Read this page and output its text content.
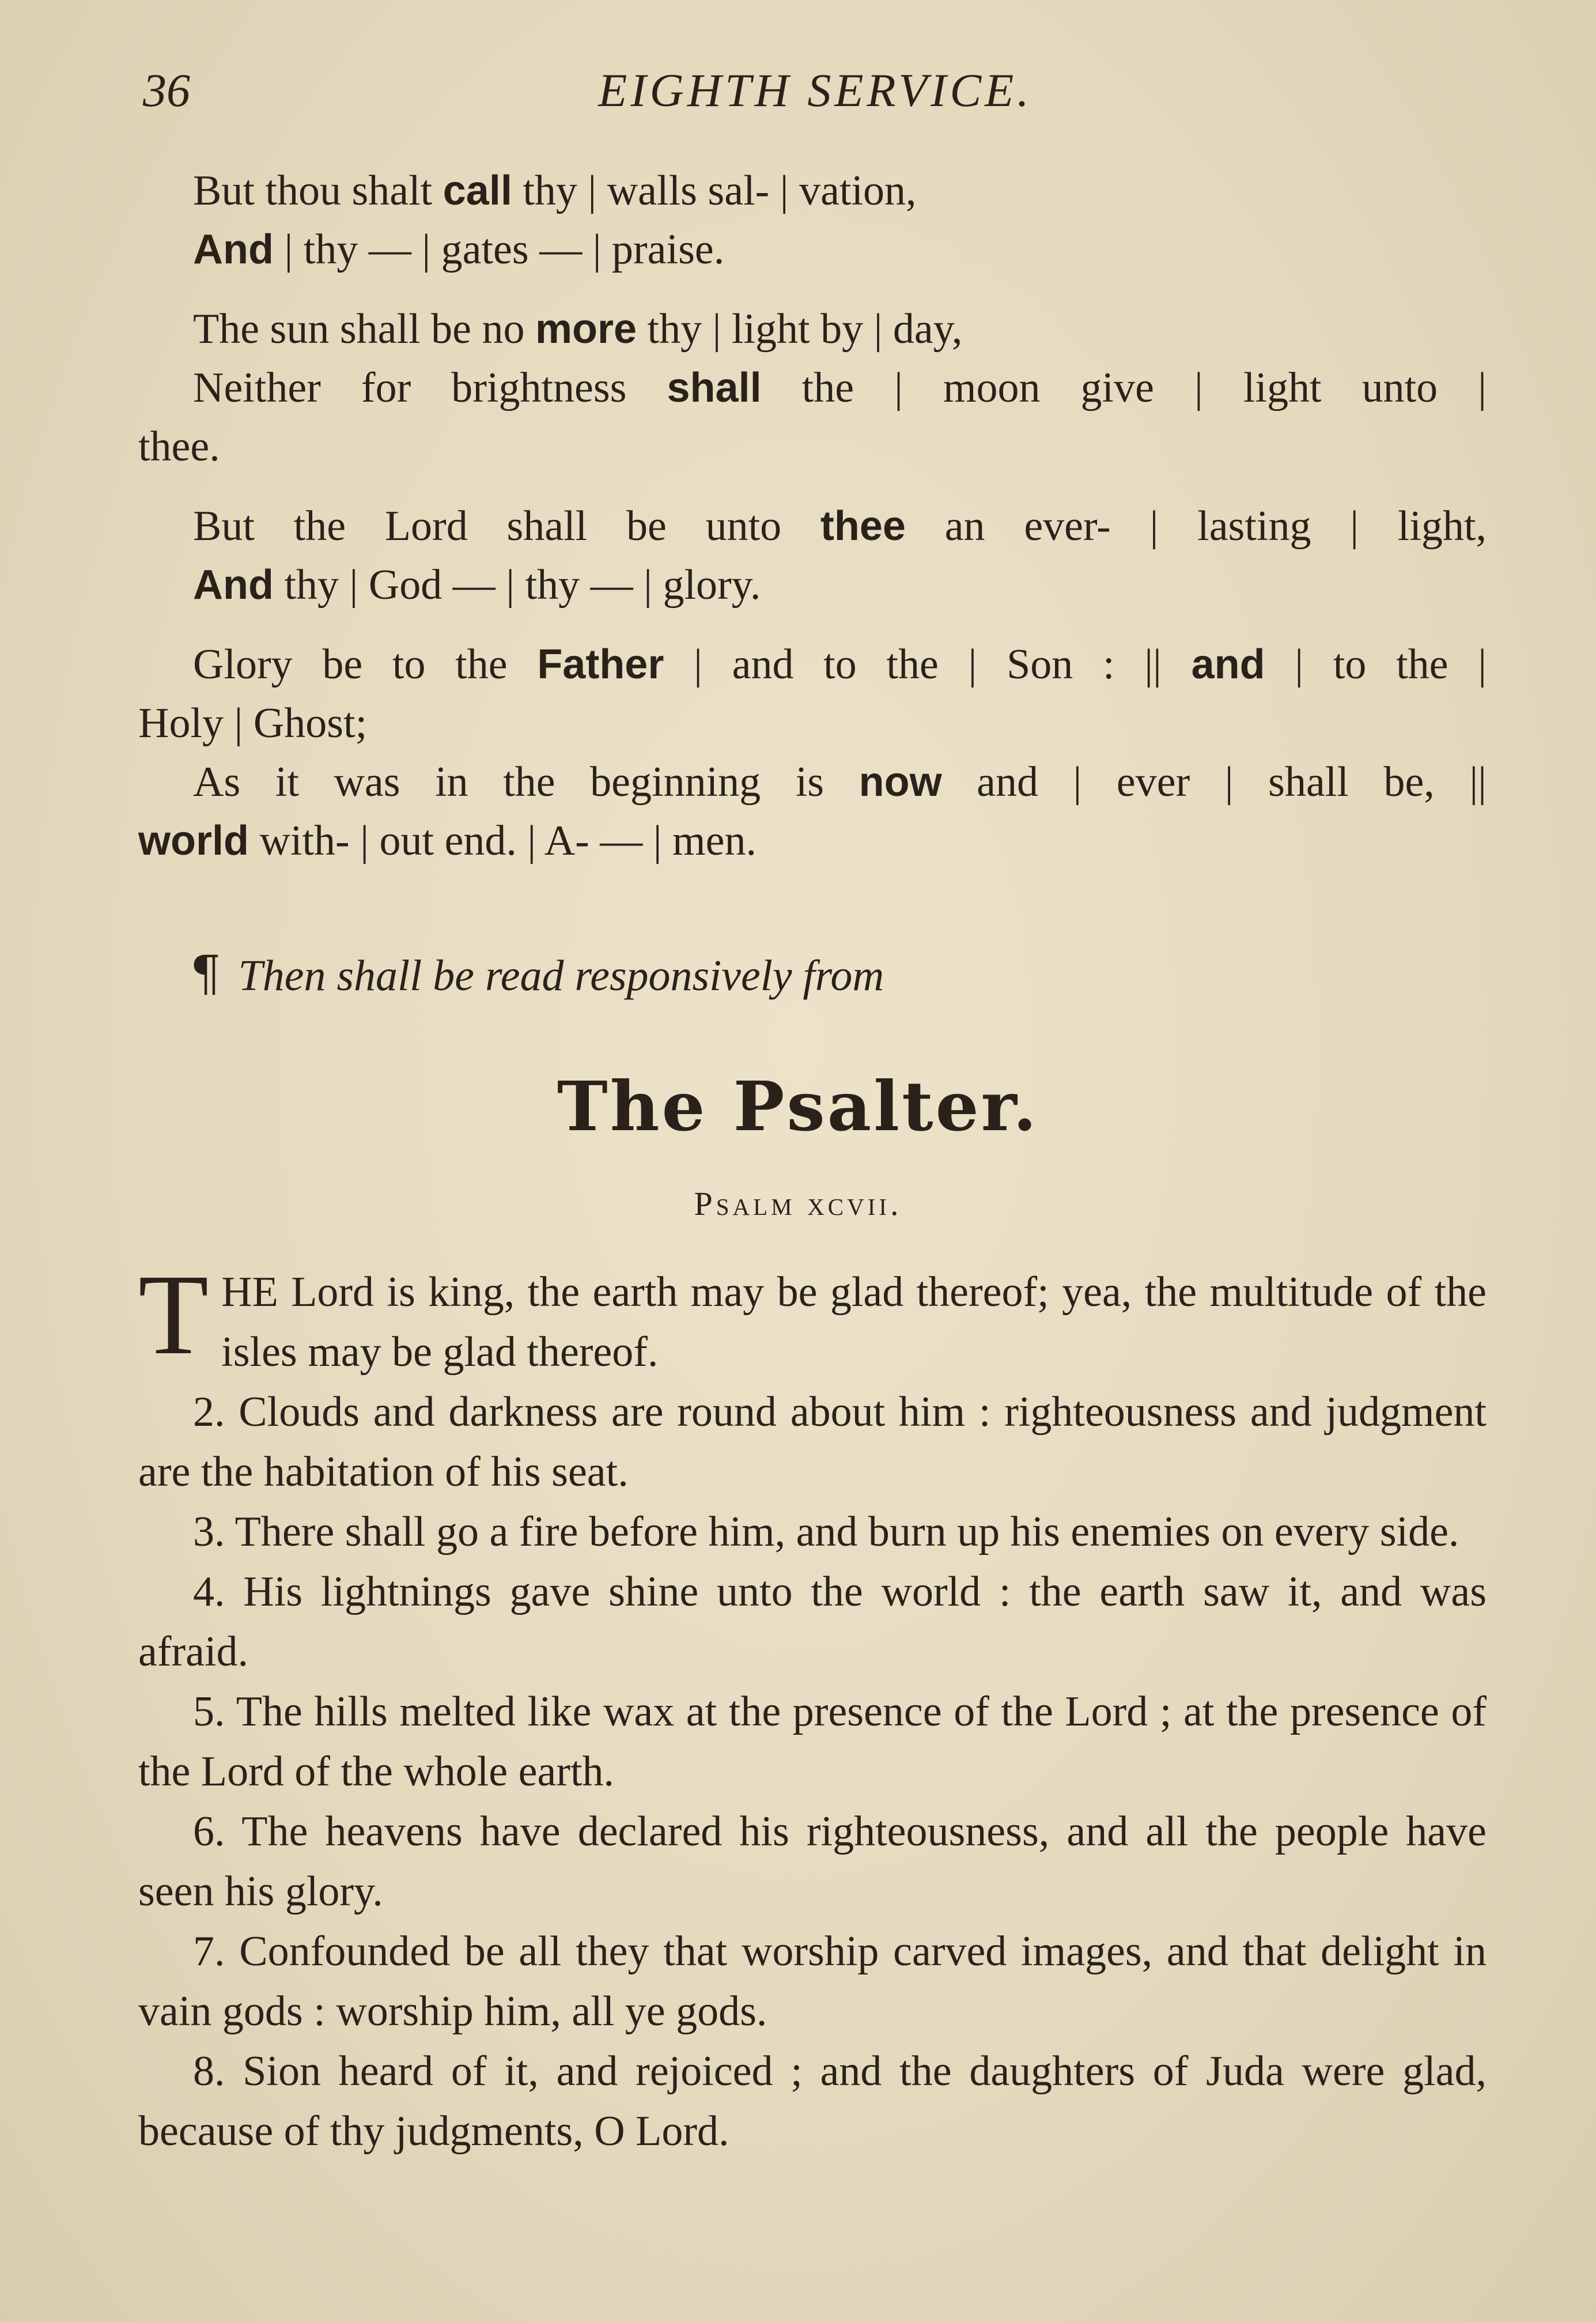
36	EIGHTH SERVICE.
But thou shalt call thy | walls sal- | vation,
And | thy — | gates — | praise.
The sun shall be no more thy | light by | day,
Neither for brightness shall the | moon give | light unto |
thee.
But the Lord shall be unto thee an ever- | lasting | light,
And thy | God — | thy — | glory.
Glory be to the Father | and to the | Son : || and | to the |
Holy | Ghost;
As it was in the beginning is now and | ever | shall be, ||
world with- | out end. | A- — | men.
¶ Then shall be read responsively from
The Psalter.
Psalm xcvii.
THE Lord is king, the earth may be glad thereof; yea, the multitude of the isles may be glad thereof.
2. Clouds and darkness are round about him : righteousness and judgment are the habitation of his seat.
3. There shall go a fire before him, and burn up his enemies on every side.
4. His lightnings gave shine unto the world : the earth saw it, and was afraid.
5. The hills melted like wax at the presence of the Lord ; at the presence of the Lord of the whole earth.
6. The heavens have declared his righteousness, and all the people have seen his glory.
7. Confounded be all they that worship carved images, and that delight in vain gods : worship him, all ye gods.
8. Sion heard of it, and rejoiced ; and the daughters of Juda were glad, because of thy judgments, O Lord.
